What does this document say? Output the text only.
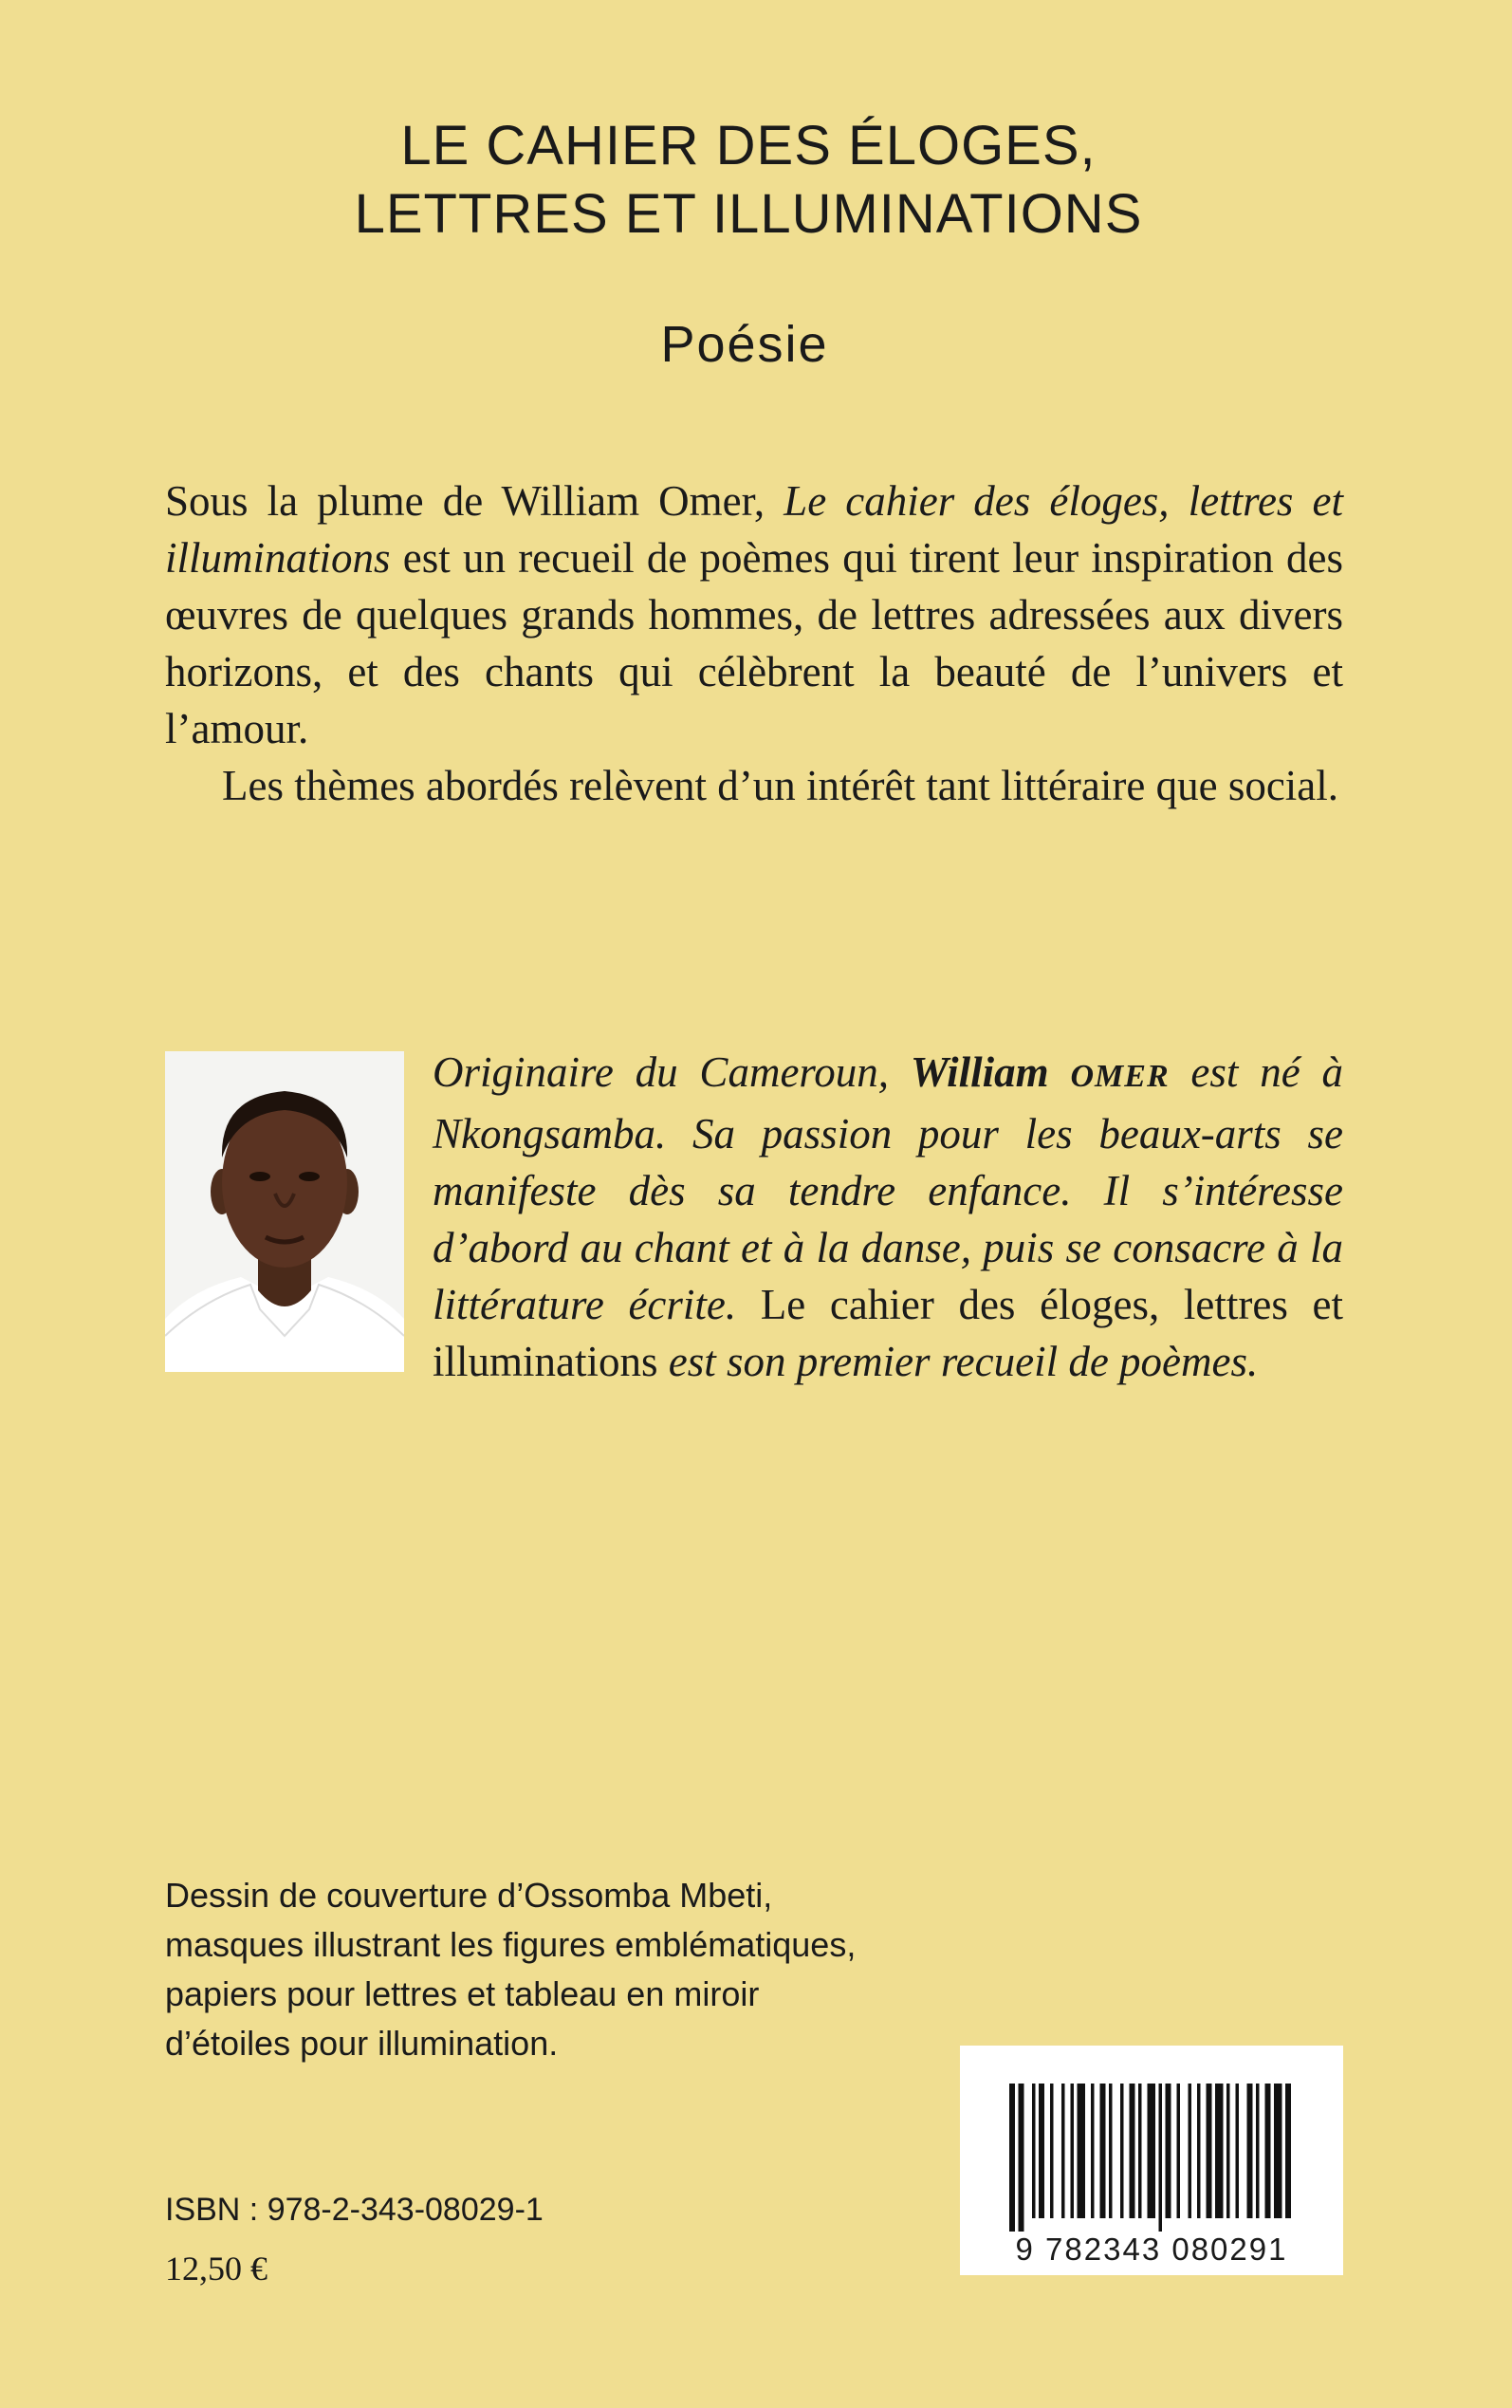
LE CAHIER DES ÉLOGES,
LETTRES ET ILLUMINATIONS
Poésie

Sous la plume de William Omer, Le cahier des éloges, lettres et illuminations est un recueil de poèmes qui tirent leur inspiration des œuvres de quelques grands hommes, de lettres adressées aux divers horizons, et des chants qui célèbrent la beauté de l’univers et l’amour.

Les thèmes abordés relèvent d’un intérêt tant littéraire que social.

Originaire du Cameroun, William OMER est né à Nkongsamba. Sa passion pour les beaux-arts se manifeste dès sa tendre enfance. Il s’intéresse d’abord au chant et à la danse, puis se consacre à la littérature écrite. Le cahier des éloges, lettres et illuminations est son premier recueil de poèmes.

Dessin de couverture d’Ossomba Mbeti,
masques illustrant les figures emblématiques,
papiers pour lettres et tableau en miroir
d’étoiles pour illumination.
9 782343 080291
ISBN : 978-2-343-08029-1
12,50 €
